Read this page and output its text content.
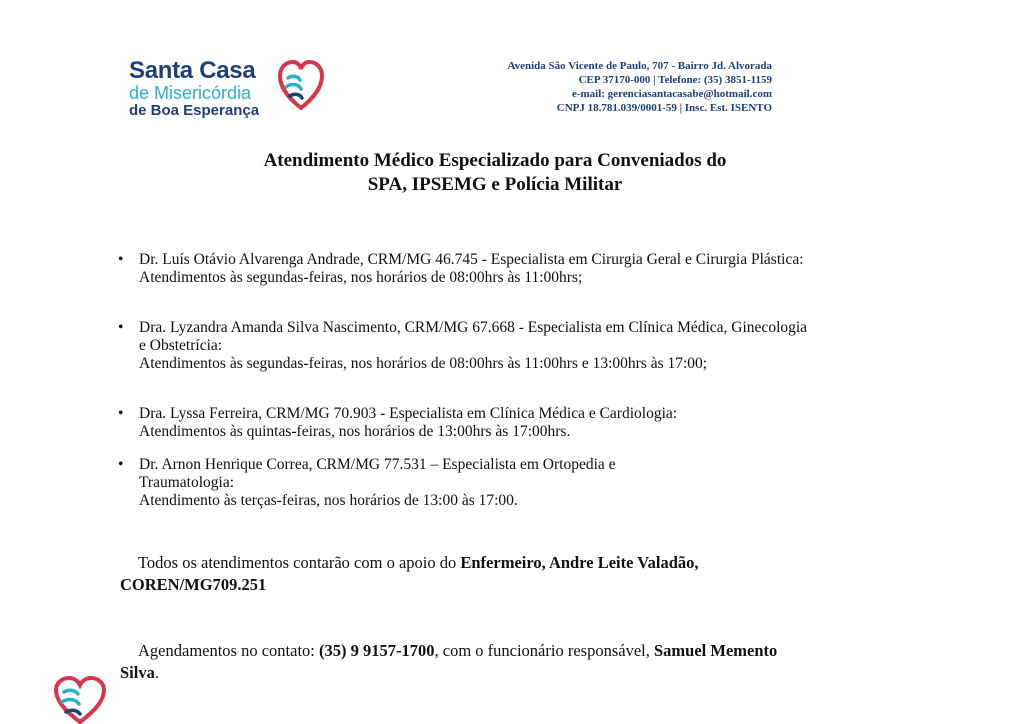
Santa Casa
de Misericórdia
de Boa Esperança
Avenida São Vicente de Paulo, 707 - Bairro Jd. Alvorada
CEP 37170-000 | Telefone: (35) 3851-1159
e-mail: gerenciasantacasabe@hotmail.com
CNPJ 18.781.039/0001-59 | Insc. Est. ISENTO
Atendimento Médico Especializado para Conveniados do
SPA, IPSEMG e Polícia Militar
• Dr. Luís Otávio Alvarenga Andrade, CRM/MG 46.745 - Especialista em Cirurgia Geral e Cirurgia Plástica:
Atendimentos às segundas-feiras, nos horários de 08:00hrs às 11:00hrs;
• Dra. Lyzandra Amanda Silva Nascimento, CRM/MG 67.668 - Especialista em Clínica Médica, Ginecologia
e Obstetrícia:
Atendimentos às segundas-feiras, nos horários de 08:00hrs às 11:00hrs e 13:00hrs às 17:00;
• Dra. Lyssa Ferreira, CRM/MG 70.903 - Especialista em Clínica Médica e Cardiologia:
Atendimentos às quintas-feiras, nos horários de 13:00hrs às 17:00hrs.
• Dr. Arnon Henrique Correa, CRM/MG 77.531 – Especialista em Ortopedia e
Traumatologia:
Atendimento às terças-feiras, nos horários de 13:00 às 17:00.
Todos os atendimentos contarão com o apoio do Enfermeiro, Andre Leite Valadão,
COREN/MG709.251
Agendamentos no contato: (35) 9 9157-1700, com o funcionário responsável, Samuel Memento
Silva.
